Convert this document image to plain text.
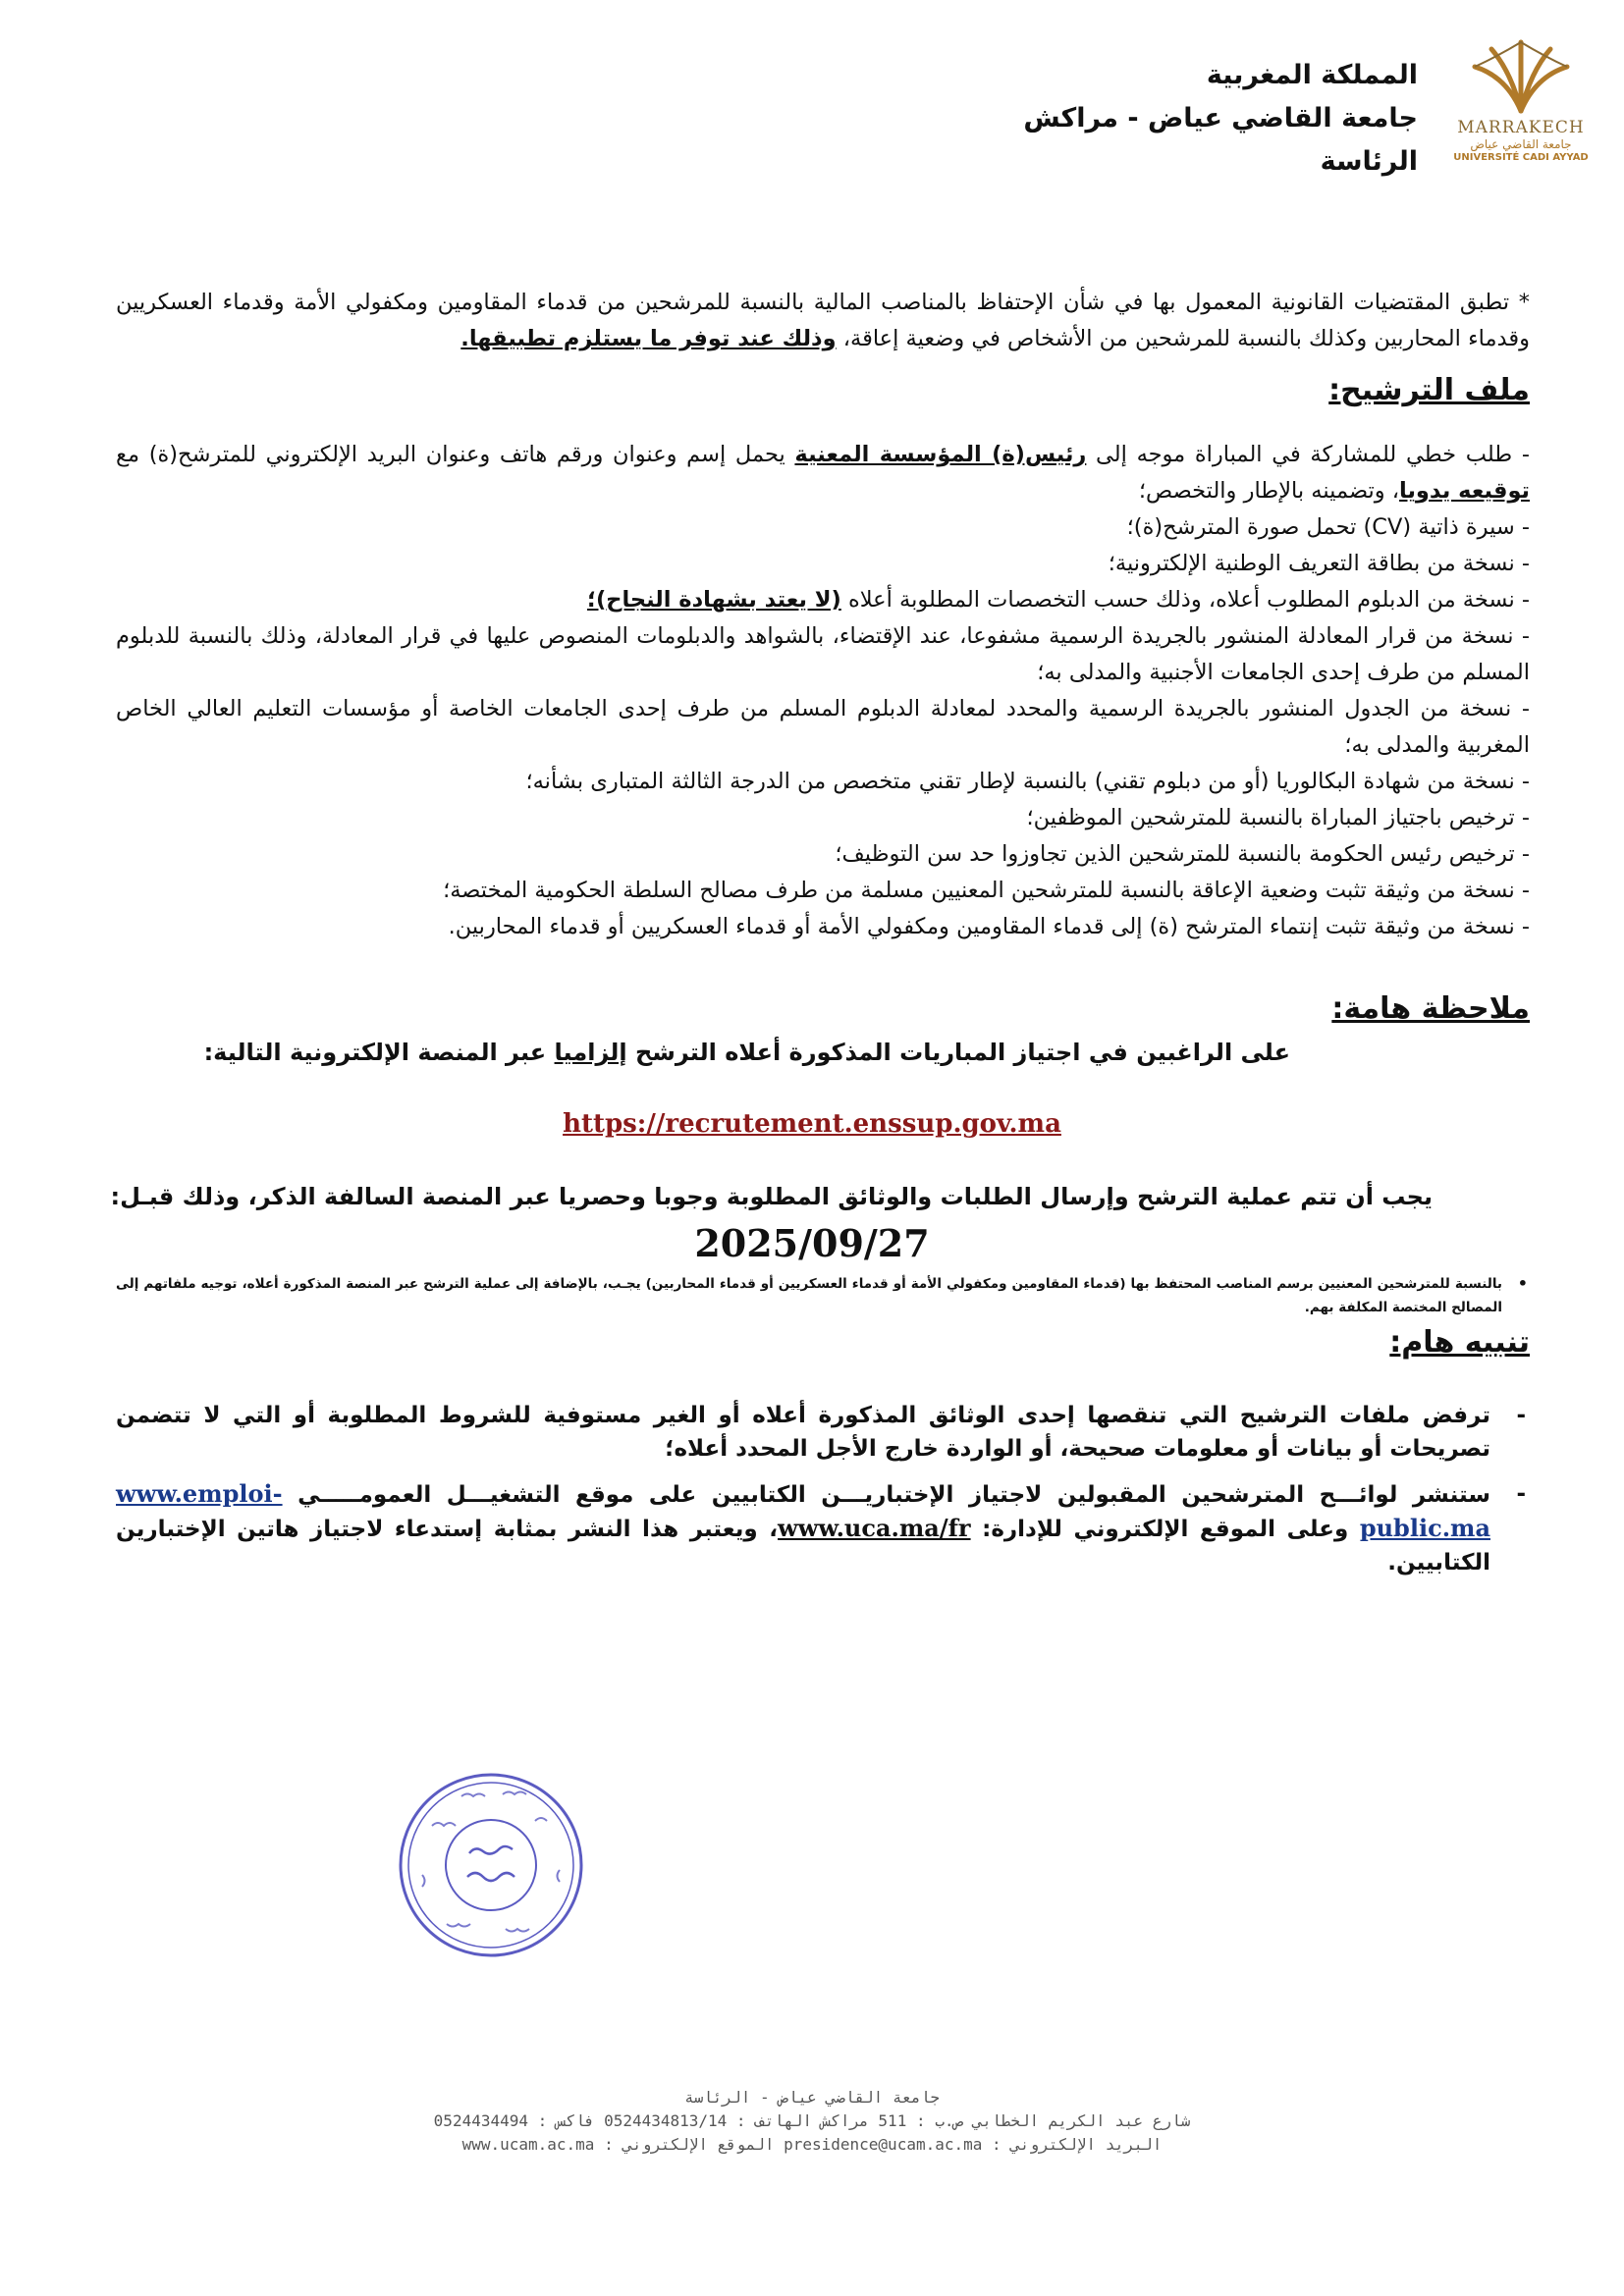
المملكة المغربية
جامعة القاضي عياض - مراكش
الرئاسة
MARRAKECH
جامعة القاضي عياض
UNIVERSITÉ CADI AYYAD
* تطبق المقتضيات القانونية المعمول بها في شأن الإحتفاظ بالمناصب المالية بالنسبة للمرشحين من قدماء المقاومين ومكفولي الأمة وقدماء العسكريين وقدماء المحاربين وكذلك بالنسبة للمرشحين من الأشخاص في وضعية إعاقة، وذلك عند توفر ما يستلزم تطبيقها.
ملف الترشيح:

- طلب خطي للمشاركة في المباراة موجه إلى رئيس(ة) المؤسسة المعنية يحمل إسم وعنوان ورقم هاتف وعنوان البريد الإلكتروني للمترشح(ة) مع توقيعه يدويا، وتضمينه بالإطار والتخصص؛

- سيرة ذاتية (CV) تحمل صورة المترشح(ة)؛

- نسخة من بطاقة التعريف الوطنية الإلكترونية؛

- نسخة من الدبلوم المطلوب أعلاه، وذلك حسب التخصصات المطلوبة أعلاه (لا يعتد بشهادة النجاح)؛

- نسخة من قرار المعادلة المنشور بالجريدة الرسمية مشفوعا، عند الإقتضاء، بالشواهد والدبلومات المنصوص عليها في قرار المعادلة، وذلك بالنسبة للدبلوم المسلم من طرف إحدى الجامعات الأجنبية والمدلى به؛

- نسخة من الجدول المنشور بالجريدة الرسمية والمحدد لمعادلة الدبلوم المسلم من طرف إحدى الجامعات الخاصة أو مؤسسات التعليم العالي الخاص المغربية والمدلى به؛

- نسخة من شهادة البكالوريا (أو من دبلوم تقني) بالنسبة لإطار تقني متخصص من الدرجة الثالثة المتبارى بشأنه؛

- ترخيص باجتياز المباراة بالنسبة للمترشحين الموظفين؛

- ترخيص رئيس الحكومة بالنسبة للمترشحين الذين تجاوزوا حد سن التوظيف؛

- نسخة من وثيقة تثبت وضعية الإعاقة بالنسبة للمترشحين المعنيين مسلمة من طرف مصالح السلطة الحكومية المختصة؛

- نسخة من وثيقة تثبت إنتماء المترشح (ة) إلى قدماء المقاومين ومكفولي الأمة أو قدماء العسكريين أو قدماء المحاربين.

ملاحظة هامة:
على الراغبين في اجتياز المباريات المذكورة أعلاه الترشح إلزاميا عبر المنصة الإلكترونية التالية:
https://recrutement.enssup.gov.ma
يجب أن تتم عملية الترشح وإرسال الطلبات والوثائق المطلوبة وجوبا وحصريا عبر المنصة السالفة الذكر، وذلك قبـل:
2025/09/27
•
بالنسبة للمترشحين المعنيين برسم المناصب المحتفظ بها (قدماء المقاومين ومكفولي الأمة أو قدماء العسكريين أو قدماء المحاربين) يجـب، بالإضافة إلى عملية الترشح عبر المنصة المذكورة أعلاه، توجيه ملفاتهم إلى المصالح المختصة المكلفة بهم.
تنبيه هام:
-
ترفض ملفات الترشيح التي تنقصها إحدى الوثائق المذكورة أعلاه أو الغير مستوفية للشروط المطلوبة أو التي لا تتضمن تصريحات أو بيانات أو معلومات صحيحة، أو الواردة خارج الأجل المحدد أعلاه؛
-
ستنشر لوائـــح المترشحين المقبولين لاجتياز الإختباريـــن الكتابيين على موقع التشغيـــل العمومـــــي www.emploi-public.ma وعلى الموقع الإلكتروني للإدارة: www.uca.ma/fr، ويعتبر هذا النشر بمثابة إستدعاء لاجتياز هاتين الإختبارين الكتابيين.
جامعة القاضي عياض - الرئاسة
شارع عبد الكريم الخطابي ص.ب : 511 مراكش الهاتف : 0524434813/14 فاكس : 0524434494
البريد الإلكتروني : presidence@ucam.ac.ma الموقع الإلكتروني : www.ucam.ac.ma
